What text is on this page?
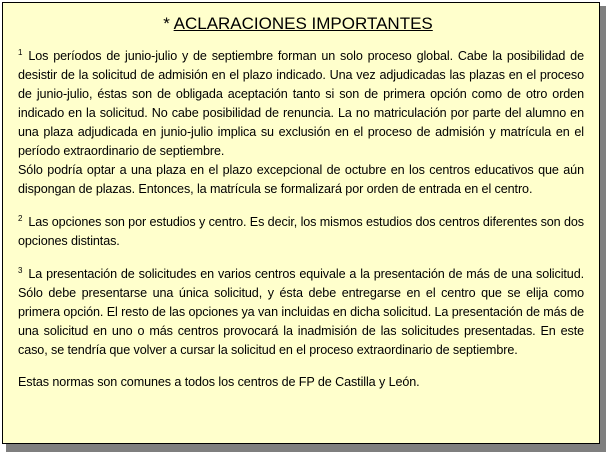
* ACLARACIONES IMPORTANTES

$^1$ Los períodos de junio-julio y de septiembre forman un solo proceso global. Cabe la posibilidad de desistir de la solicitud de admisión en el plazo indicado. Una vez adjudicadas las plazas en el proceso de junio-julio, éstas son de obligada aceptación tanto si son de primera opción como de otro orden indicado en la solicitud. No cabe posibilidad de renuncia. La no matriculación por parte del alumno en una plaza adjudicada en junio-julio implica su exclusión en el proceso de admisión y matrícula en el período extraordinario de septiembre.

Sólo podría optar a una plaza en el plazo excepcional de octubre en los centros educativos que aún dispongan de plazas. Entonces, la matrícula se formalizará por orden de entrada en el centro.

$^2$ Las opciones son por estudios y centro. Es decir, los mismos estudios dos centros diferentes son dos opciones distintas.

$^3$ La presentación de solicitudes en varios centros equivale a la presentación de más de una solicitud. Sólo debe presentarse una única solicitud, y ésta debe entregarse en el centro que se elija como primera opción. El resto de las opciones ya van incluidas en dicha solicitud. La presentación de más de una solicitud en uno o más centros provocará la inadmisión de las solicitudes presentadas. En este caso, se tendría que volver a cursar la solicitud en el proceso extraordinario de septiembre.

Estas normas son comunes a todos los centros de FP de Castilla y León.
